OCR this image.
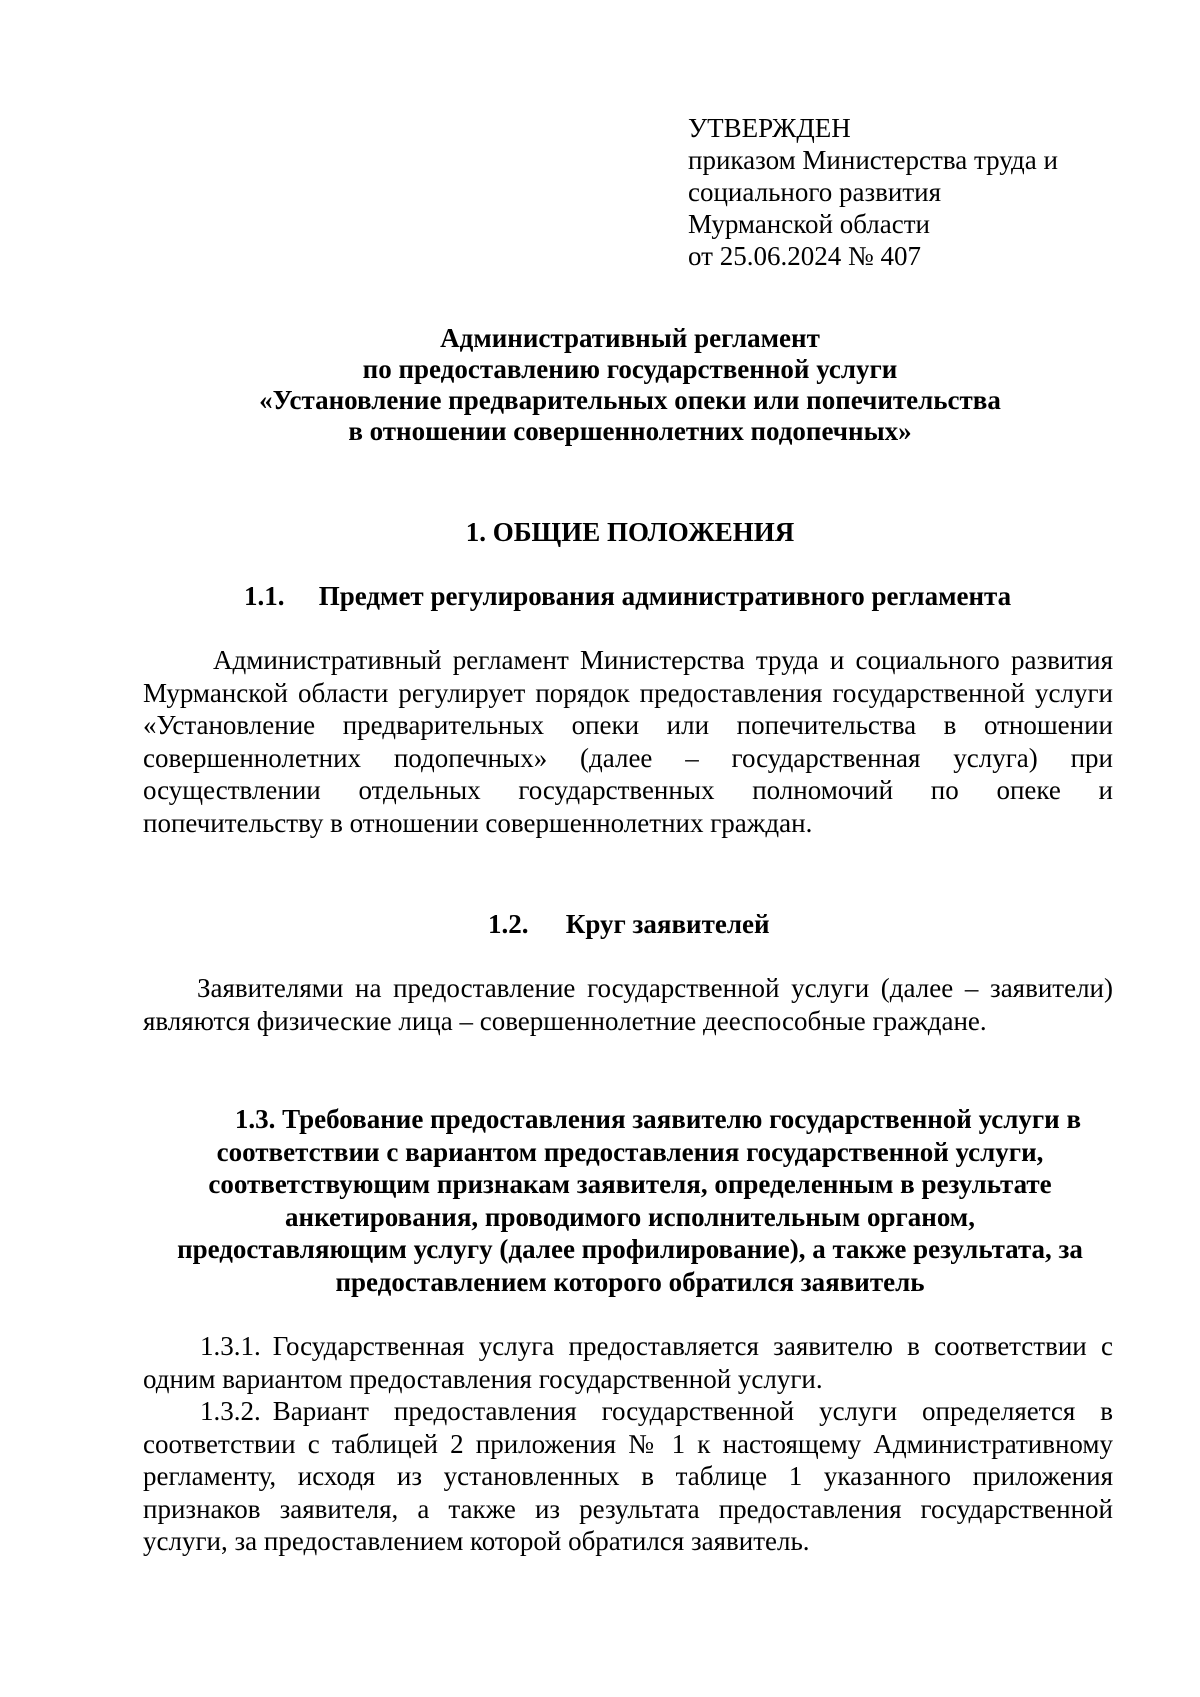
УТВЕРЖДЕН
приказом Министерства труда и
социального развития
Мурманской области
от 25.06.2024 № 407
Административный регламент
по предоставлению государственной услуги
«Установление предварительных опеки или попечительства
в отношении совершеннолетних подопечных»
1. ОБЩИЕ ПОЛОЖЕНИЯ
1.1. Предмет регулирования административного регламента
Административный регламент Министерства труда и социального развития Мурманской области регулирует порядок предоставления государственной услуги «Установление предварительных опеки или попечительства в отношении совершеннолетних подопечных» (далее – государственная услуга) при осуществлении отдельных государственных полномочий по опеке и попечительству в отношении совершеннолетних граждан.
1.2. Круг заявителей
Заявителями на предоставление государственной услуги (далее – заявители) являются физические лица – совершеннолетние дееспособные граждане.
1.3. Требование предоставления заявителю государственной услуги в
соответствии с вариантом предоставления государственной услуги,
соответствующим признакам заявителя, определенным в результате
анкетирования, проводимого исполнительным органом,
предоставляющим услугу (далее профилирование), а также результата, за
предоставлением которого обратился заявитель
1.3.1. Государственная услуга предоставляется заявителю в соответствии с одним вариантом предоставления государственной услуги.
1.3.2. Вариант предоставления государственной услуги определяется в соответствии с таблицей 2 приложения № 1 к настоящему Административному регламенту, исходя из установленных в таблице 1 указанного приложения признаков заявителя, а также из результата предоставления государственной услуги, за предоставлением которой обратился заявитель.
